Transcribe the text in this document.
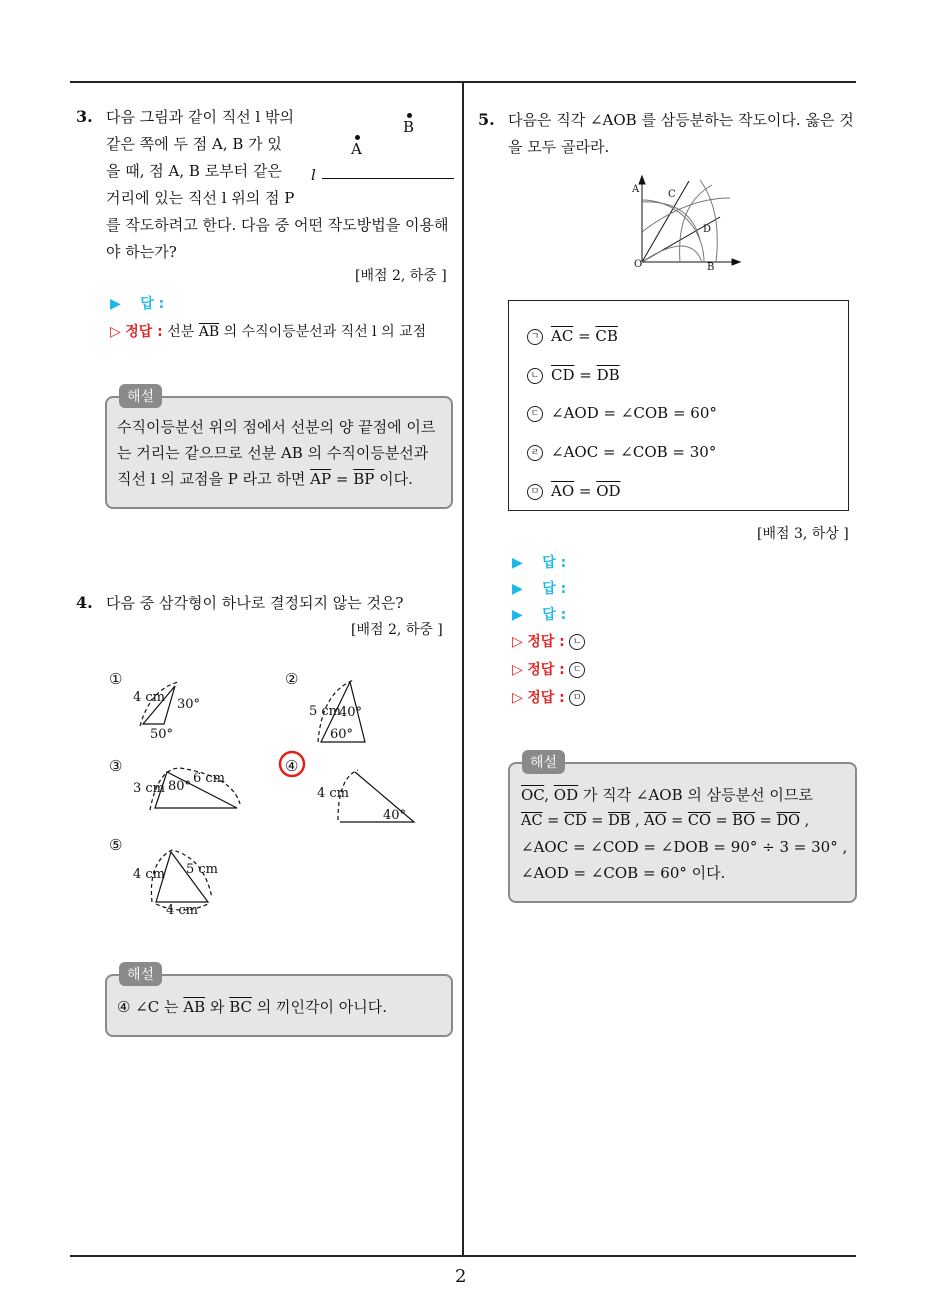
2
3. 다음 그림과 같이 직선 l 밖의
같은 쪽에 두 점 A, B 가 있
을 때, 점 A, B 로부터 같은
거리에 있는 직선 l 위의 점 P
를 작도하려고 한다. 다음 중 어떤 작도방법을 이용해
야 하는가?
B
A
l
[배점 2, 하중 ]
▶ 답 :
▷ 정답 : 선분 $\overline{AB}$ 의 수직이등분선과 직선 l 의 교점
해설
수직이등분선 위의 점에서 선분의 양 끝점에 이르
는 거리는 같으므로 선분 AB 의 수직이등분선과
직선 l 의 교점을 P 라고 하면 $\overline{AP} = \overline{BP}$ 이다.
4. 다음 중 삼각형이 하나로 결정되지 않는 것은?
[배점 2, 하중 ]
①
4 cm 30°
50°
②
5 cm
40°
60°
③
3 cm 80°
6 cm
④
4 cm
40°
⑤
4 cm 5 cm
4 cm
해설
④ ∠C 는 $\overline{AB}$ 와 $\overline{BC}$ 의 끼인각이 아니다.
5. 다음은 직각 ∠AOB 를 삼등분하는 작도이다. 옳은 것
을 모두 골라라.
A	C
D
O	B
ㄱ $\overline{AC} = \overline{CB}$
ㄴ $\overline{CD} = \overline{DB}$
ㄷ ∠AOD = ∠COB = 60°
ㄹ ∠AOC = ∠COB = 30°
ㅁ $\overline{AO} = \overline{OD}$
[배점 3, 하상 ]
▶ 답 :
▶ 답 :
▶ 답 :
▷ 정답 : ㄴ
▷ 정답 : ㄷ
▷ 정답 : ㅁ
해설
$\overline{OC}$, $\overline{OD}$ 가 직각 ∠AOB 의 삼등분선 이므로
$\overline{AC} = \overline{CD} = \overline{DB}$ , $\overline{AO} = \overline{CO} = \overline{BO} = \overline{DO}$ ,
∠AOC = ∠COD = ∠DOB = 90° ÷ 3 = 30° ,
∠AOD = ∠COB = 60° 이다.
